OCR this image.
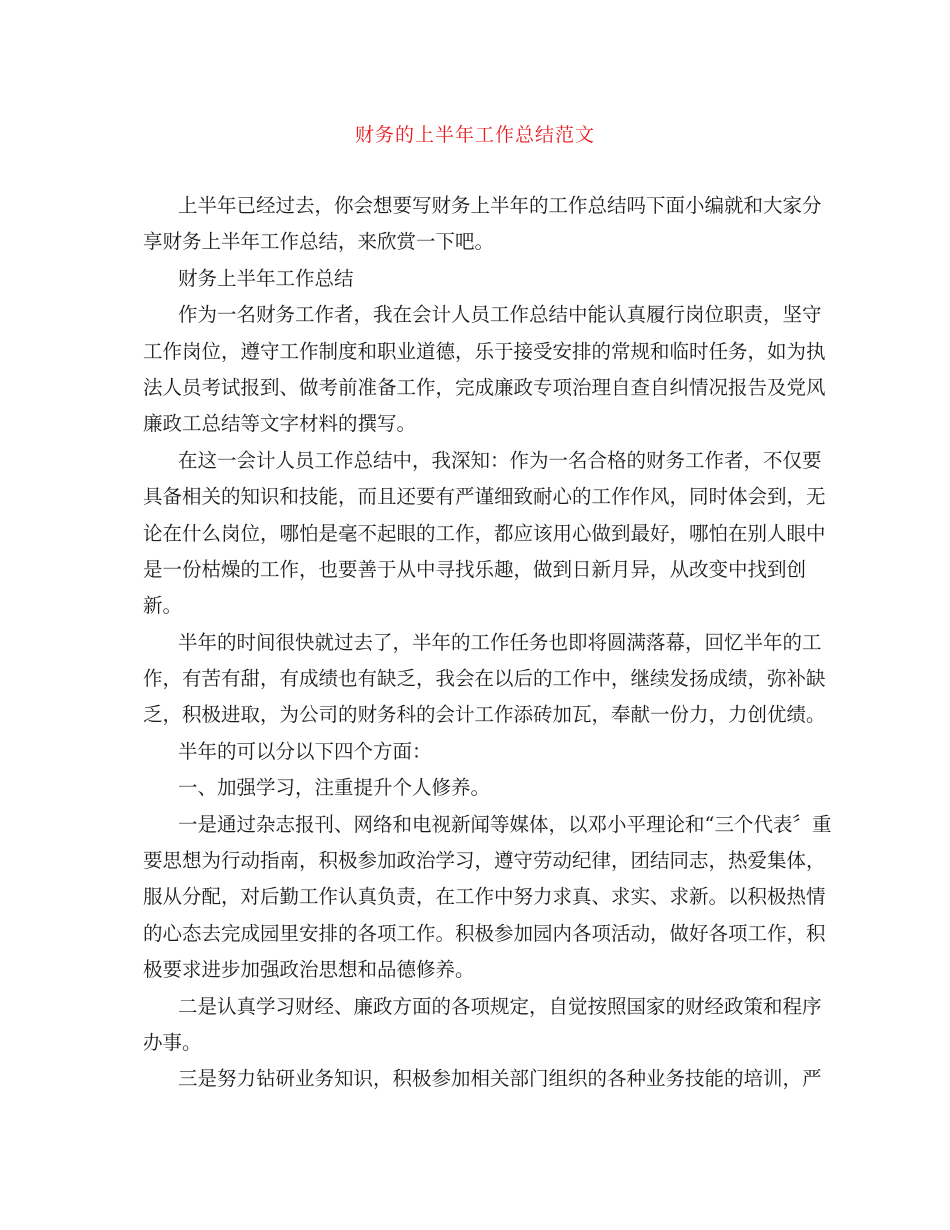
财务的上半年工作总结范文

上半年已经过去，你会想要写财务上半年的工作总结吗下面小编就和大家分
享财务上半年工作总结，来欣赏一下吧。

财务上半年工作总结

作为一名财务工作者，我在会计人员工作总结中能认真履行岗位职责，坚守
工作岗位，遵守工作制度和职业道德，乐于接受安排的常规和临时任务，如为执
法人员考试报到、做考前准备工作，完成廉政专项治理自查自纠情况报告及党风
廉政工总结等文字材料的撰写。

在这一会计人员工作总结中，我深知：作为一名合格的财务工作者，不仅要
具备相关的知识和技能，而且还要有严谨细致耐心的工作作风，同时体会到，无
论在什么岗位，哪怕是毫不起眼的工作，都应该用心做到最好，哪怕在别人眼中
是一份枯燥的工作，也要善于从中寻找乐趣，做到日新月异，从改变中找到创
新。

半年的时间很快就过去了，半年的工作任务也即将圆满落幕，回忆半年的工
作，有苦有甜，有成绩也有缺乏，我会在以后的工作中，继续发扬成绩，弥补缺
乏，积极进取，为公司的财务科的会计工作添砖加瓦，奉献一份力，力创优绩。

半年的可以分以下四个方面：

一、加强学习，注重提升个人修养。

一是通过杂志报刊、网络和电视新闻等媒体，以邓小平理论和“三个代表〞重
要思想为行动指南，积极参加政治学习，遵守劳动纪律，团结同志，热爱集体，
服从分配，对后勤工作认真负责，在工作中努力求真、求实、求新。以积极热情
的心态去完成园里安排的各项工作。积极参加园内各项活动，做好各项工作，积
极要求进步加强政治思想和品德修养。

二是认真学习财经、廉政方面的各项规定，自觉按照国家的财经政策和程序
办事。

三是努力钻研业务知识，积极参加相关部门组织的各种业务技能的培训，严
